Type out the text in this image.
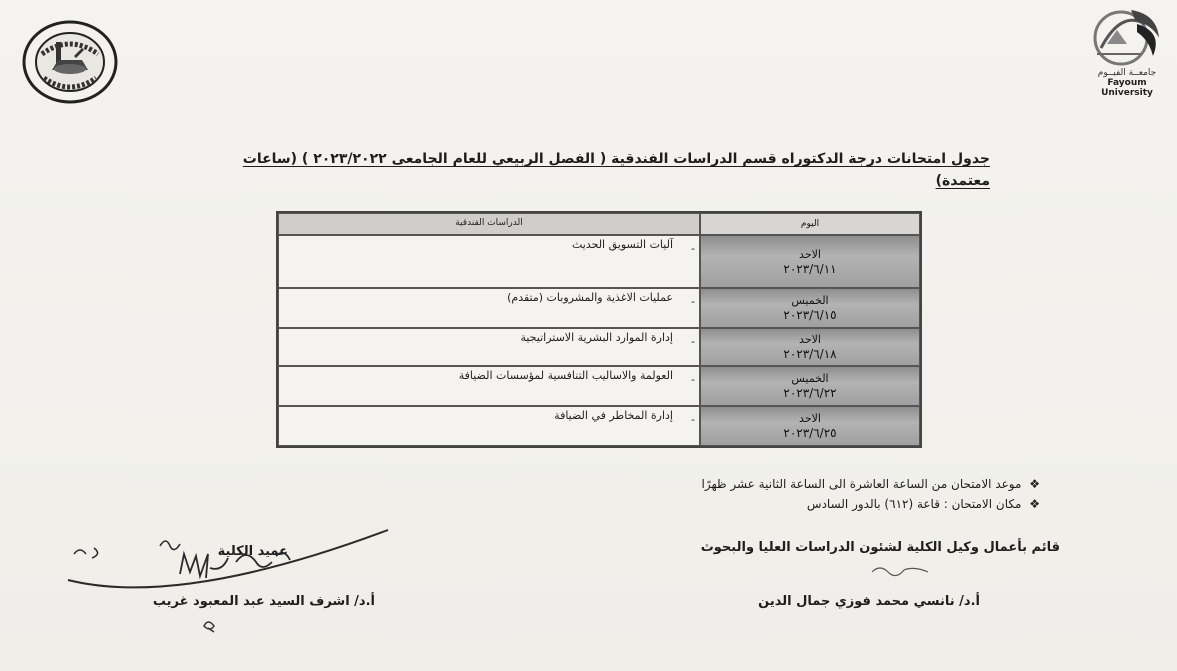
جامعــة الفيــوم
Fayoum University
جدول امتحانات درجة الدكتوراه قسم الدراسات الفندقية ( الفصل الربيعي للعام الجامعى ٢٠٢٣/٢٠٢٢ ) (ساعات معتمدة)
اليوم
الدراسات الفندقية
الاحد
٢٠٢٣/٦/١١
-
آليات التسويق الحديث
الخميس
٢٠٢٣/٦/١٥
-
عمليات الاغذية والمشروبات (متقدم)
الاحد
٢٠٢٣/٦/١٨
-
إدارة الموارد البشرية الاستراتيجية
الخميس
٢٠٢٣/٦/٢٢
-
العولمة والاساليب التنافسية لمؤسسات الضيافة
الاحد
٢٠٢٣/٦/٢٥
-
إدارة المخاطر في الضيافة
❖ موعد الامتحان من الساعة العاشرة الى الساعة الثانية عشر ظهرًا
❖ مكان الامتحان : قاعة (٦١٢) بالدور السادس
قائم بأعمال وكيل الكلية لشئون الدراسات العليا والبحوث
أ.د/ نانسي محمد فوزي جمال الدين
عميد الكلية
أ.د/ اشرف السيد عبد المعبود غريب
